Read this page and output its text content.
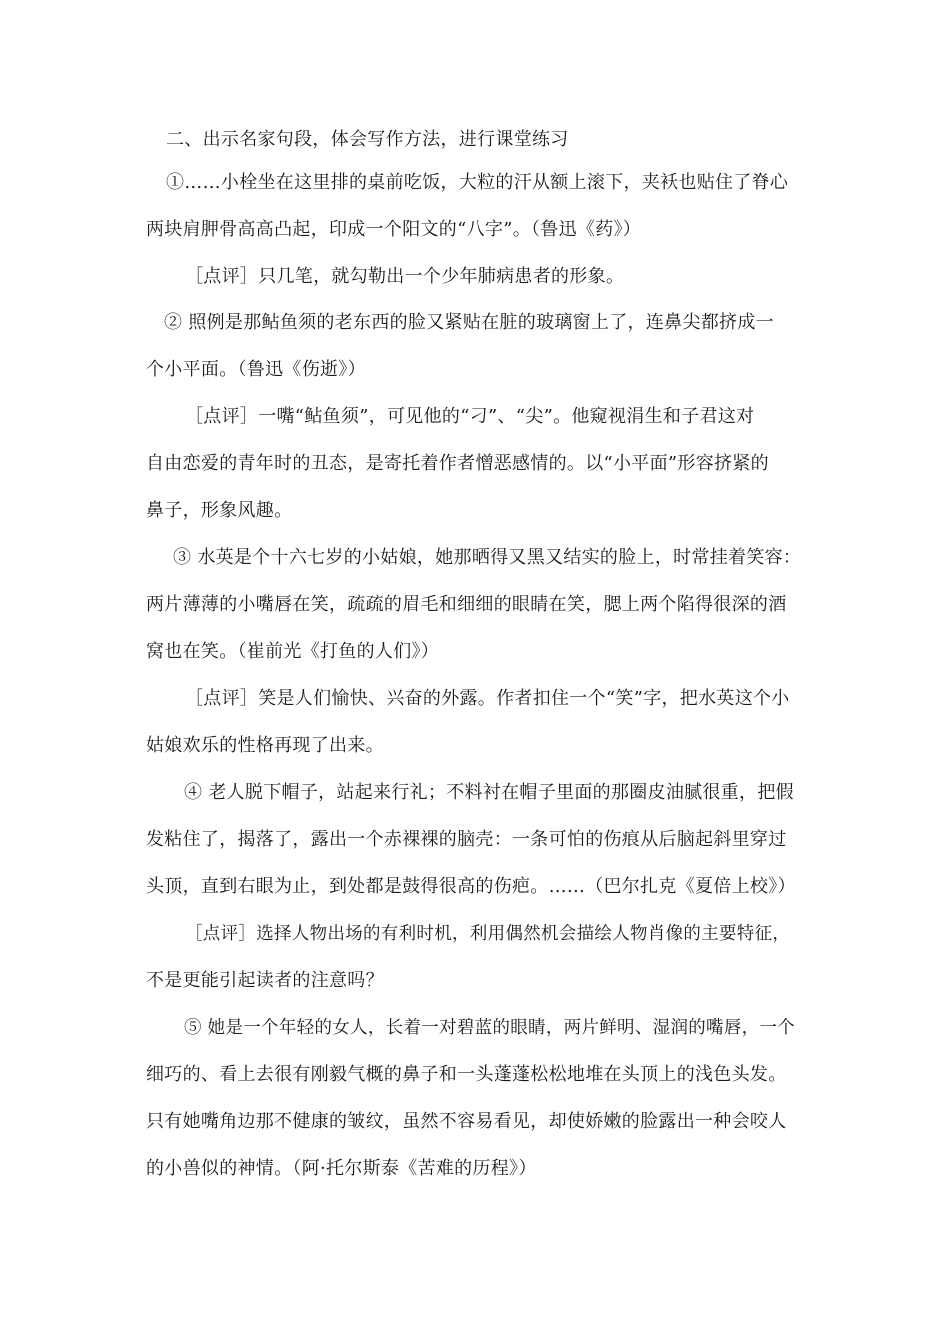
二、出示名家句段，体会写作方法，进行课堂练习
①……小栓坐在这里排的桌前吃饭，大粒的汗从额上滚下，夹袄也贴住了脊心
两块肩胛骨高高凸起，印成一个阳文的“八字”。（鲁迅《药》）
［点评］只几笔，就勾勒出一个少年肺病患者的形象。
② 照例是那鲇鱼须的老东西的脸又紧贴在脏的玻璃窗上了，连鼻尖都挤成一
个小平面。（鲁迅《伤逝》）
［点评］一嘴“鲇鱼须”，可见他的“刁”、“尖”。他窥视涓生和子君这对
自由恋爱的青年时的丑态，是寄托着作者憎恶感情的。以“小平面”形容挤紧的
鼻子，形象风趣。
③ 水英是个十六七岁的小姑娘，她那晒得又黑又结实的脸上，时常挂着笑容：
两片薄薄的小嘴唇在笑，疏疏的眉毛和细细的眼睛在笑，腮上两个陷得很深的酒
窝也在笑。（崔前光《打鱼的人们》）
［点评］笑是人们愉快、兴奋的外露。作者扣住一个“笑”字，把水英这个小
姑娘欢乐的性格再现了出来。
④ 老人脱下帽子，站起来行礼；不料衬在帽子里面的那圈皮油腻很重，把假
发粘住了，揭落了，露出一个赤裸裸的脑壳：一条可怕的伤痕从后脑起斜里穿过
头顶，直到右眼为止，到处都是鼓得很高的伤疤。……（巴尔扎克《夏倍上校》）
［点评］选择人物出场的有利时机，利用偶然机会描绘人物肖像的主要特征，
不是更能引起读者的注意吗？
⑤ 她是一个年轻的女人，长着一对碧蓝的眼睛，两片鲜明、湿润的嘴唇，一个
细巧的、看上去很有刚毅气概的鼻子和一头蓬蓬松松地堆在头顶上的浅色头发。
只有她嘴角边那不健康的皱纹，虽然不容易看见，却使娇嫩的脸露出一种会咬人
的小兽似的神情。（阿·托尔斯泰《苦难的历程》）
